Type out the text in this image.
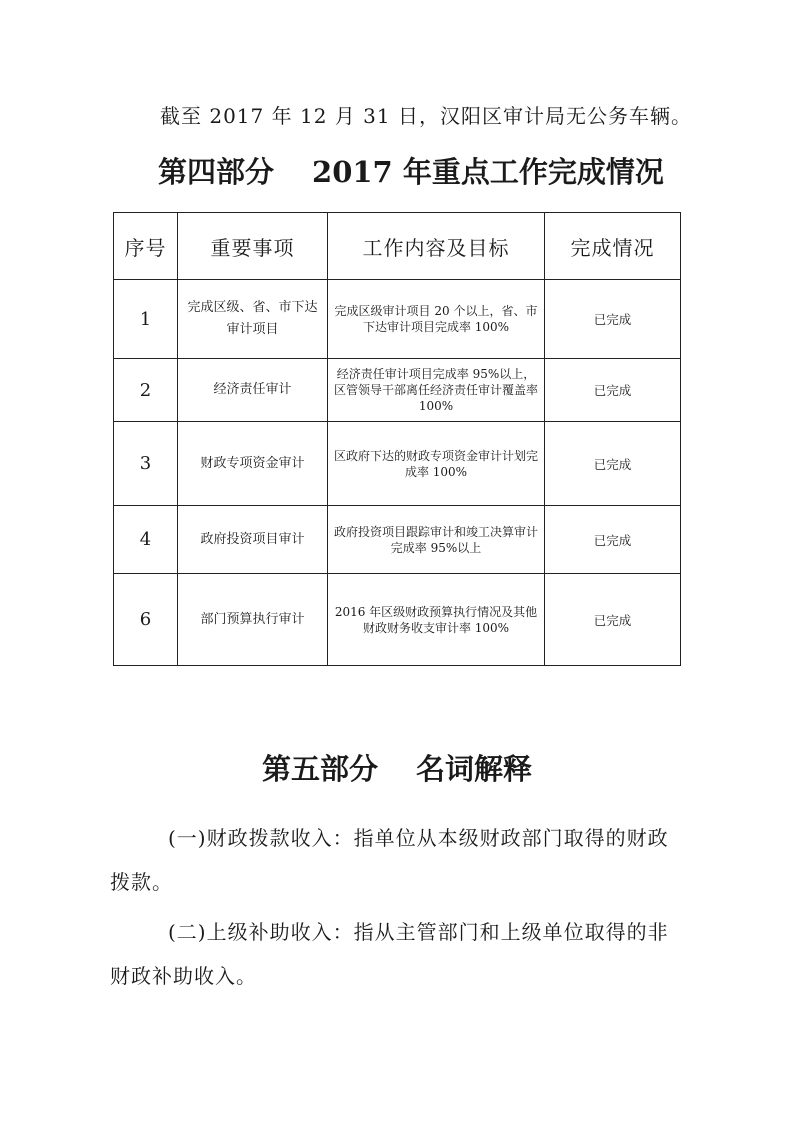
截至 2017 年 12 月 31 日，汉阳区审计局无公务车辆。
第四部分 2017 年重点工作完成情况
序号	重要事项	工作内容及目标	完成情况
1	完成区级、省、市下达审计项目	完成区级审计项目 20 个以上，省、市下达审计项目完成率 100%	已完成
2	经济责任审计	经济责任审计项目完成率 95%以上，区管领导干部离任经济责任审计覆盖率 100%	已完成
3	财政专项资金审计	区政府下达的财政专项资金审计计划完成率 100%	已完成
4	政府投资项目审计	政府投资项目跟踪审计和竣工决算审计完成率 95%以上	已完成
6	部门预算执行审计	2016 年区级财政预算执行情况及其他财政财务收支审计率 100%	已完成
第五部分 名词解释

(一)财政拨款收入：指单位从本级财政部门取得的财政拨款。

(二)上级补助收入：指从主管部门和上级单位取得的非财政补助收入。
